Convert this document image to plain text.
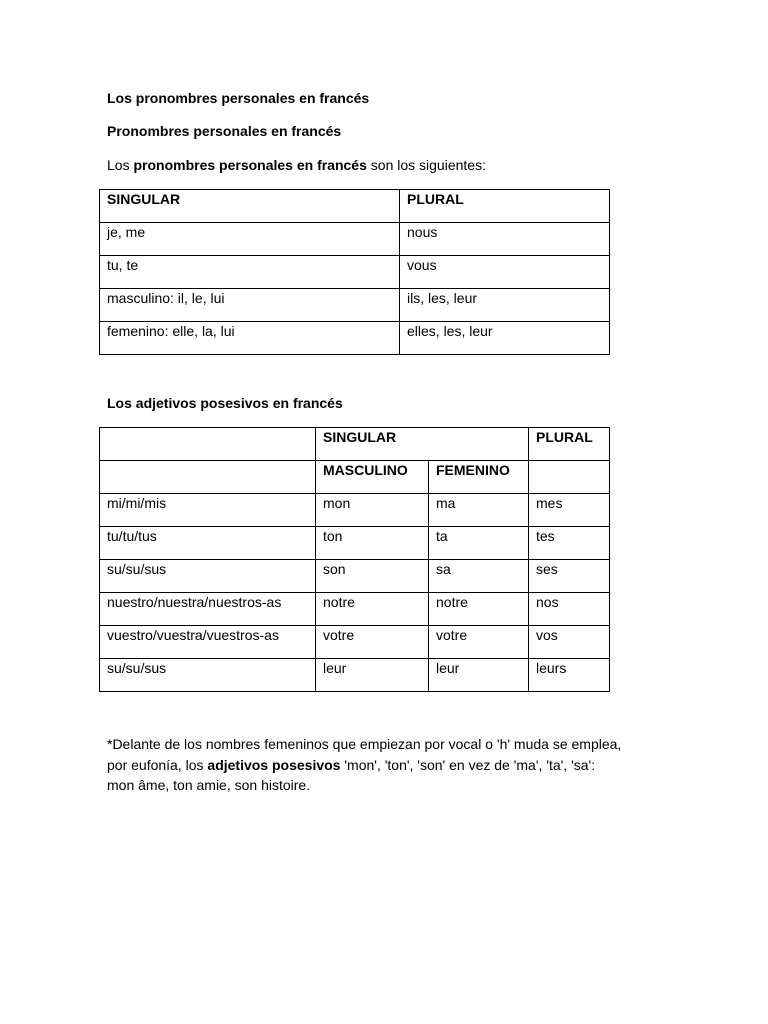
Los pronombres personales en francés

Pronombres personales en francés

Los pronombres personales en francés son los siguientes:

SINGULAR	PLURAL
je, me	nous
tu, te	vous
masculino: il, le, lui	ils, les, leur
femenino: elle, la, lui	elles, les, leur

Los adjetivos posesivos en francés

	SINGULAR		PLURAL
	MASCULINO	FEMENINO	
mi/mi/mis	mon	ma	mes
tu/tu/tus	ton	ta	tes
su/su/sus	son	sa	ses
nuestro/nuestra/nuestros-as	notre	notre	nos
vuestro/vuestra/vuestros-as	votre	votre	vos
su/su/sus	leur	leur	leurs

*Delante de los nombres femeninos que empiezan por vocal o 'h' muda se emplea,
por eufonía, los adjetivos posesivos 'mon', 'ton', 'son' en vez de 'ma', 'ta', 'sa':
mon âme, ton amie, son histoire.
